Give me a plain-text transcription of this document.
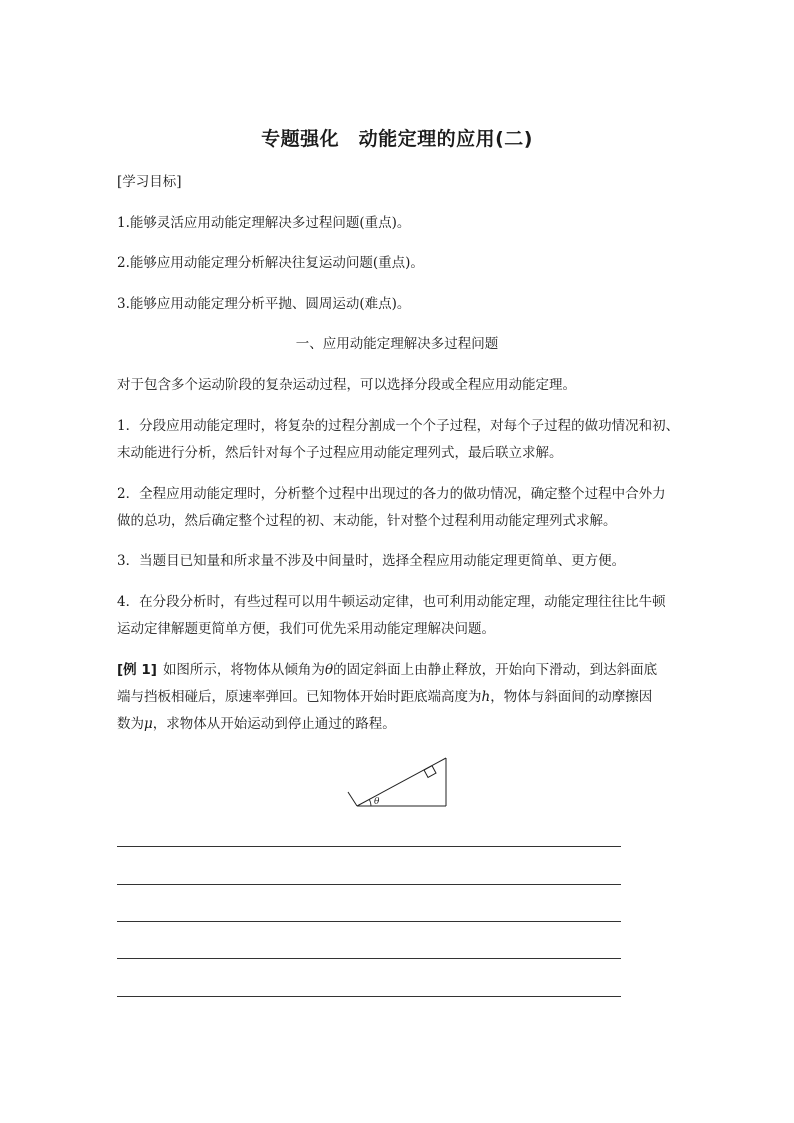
专题强化　动能定理的应用(二)
[学习目标]
1.能够灵活应用动能定理解决多过程问题(重点)。
2.能够应用动能定理分析解决往复运动问题(重点)。
3.能够应用动能定理分析平抛、圆周运动(难点)。
一、应用动能定理解决多过程问题
对于包含多个运动阶段的复杂运动过程，可以选择分段或全程应用动能定理。
1．分段应用动能定理时，将复杂的过程分割成一个个子过程，对每个子过程的做功情况和初、
末动能进行分析，然后针对每个子过程应用动能定理列式，最后联立求解。
2．全程应用动能定理时，分析整个过程中出现过的各力的做功情况，确定整个过程中合外力
做的总功，然后确定整个过程的初、末动能，针对整个过程利用动能定理列式求解。
3．当题目已知量和所求量不涉及中间量时，选择全程应用动能定理更简单、更方便。
4．在分段分析时，有些过程可以用牛顿运动定律，也可利用动能定理，动能定理往往比牛顿
运动定律解题更简单方便，我们可优先采用动能定理解决问题。
[例 1] 如图所示，将物体从倾角为θ的固定斜面上由静止释放，开始向下滑动，到达斜面底
端与挡板相碰后，原速率弹回。已知物体开始时距底端高度为h，物体与斜面间的动摩擦因
数为μ，求物体从开始运动到停止通过的路程。
θ
